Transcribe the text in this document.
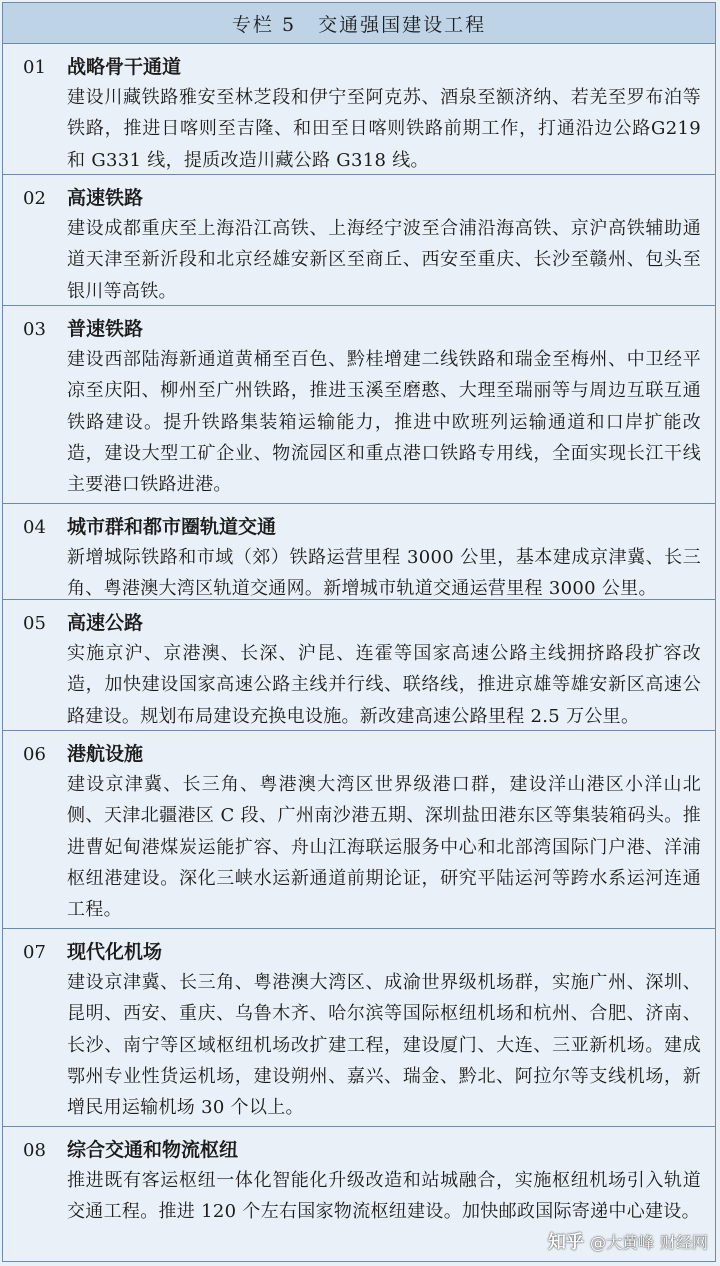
专栏 5 交通强国建设工程
01	战略骨干通道
建设川藏铁路雅安至林芝段和伊宁至阿克苏、酒泉至额济纳、若羌至罗布泊等铁路，推进日喀则至吉隆、和田至日喀则铁路前期工作，打通沿边公路G219 和 G331 线，提质改造川藏公路 G318 线。
02	高速铁路
建设成都重庆至上海沿江高铁、上海经宁波至合浦沿海高铁、京沪高铁辅助通道天津至新沂段和北京经雄安新区至商丘、西安至重庆、长沙至赣州、包头至银川等高铁。
03	普速铁路
建设西部陆海新通道黄桶至百色、黔桂增建二线铁路和瑞金至梅州、中卫经平凉至庆阳、柳州至广州铁路，推进玉溪至磨憨、大理至瑞丽等与周边互联互通铁路建设。提升铁路集装箱运输能力，推进中欧班列运输通道和口岸扩能改造，建设大型工矿企业、物流园区和重点港口铁路专用线，全面实现长江干线主要港口铁路进港。
04	城市群和都市圈轨道交通
新增城际铁路和市域（郊）铁路运营里程 3000 公里，基本建成京津冀、长三角、粤港澳大湾区轨道交通网。新增城市轨道交通运营里程 3000 公里。
05	高速公路
实施京沪、京港澳、长深、沪昆、连霍等国家高速公路主线拥挤路段扩容改造，加快建设国家高速公路主线并行线、联络线，推进京雄等雄安新区高速公路建设。规划布局建设充换电设施。新改建高速公路里程 2.5 万公里。
06	港航设施
建设京津冀、长三角、粤港澳大湾区世界级港口群，建设洋山港区小洋山北侧、天津北疆港区 C 段、广州南沙港五期、深圳盐田港东区等集装箱码头。推进曹妃甸港煤炭运能扩容、舟山江海联运服务中心和北部湾国际门户港、洋浦枢纽港建设。深化三峡水运新通道前期论证，研究平陆运河等跨水系运河连通工程。
07	现代化机场
建设京津冀、长三角、粤港澳大湾区、成渝世界级机场群，实施广州、深圳、昆明、西安、重庆、乌鲁木齐、哈尔滨等国际枢纽机场和杭州、合肥、济南、长沙、南宁等区域枢纽机场改扩建工程，建设厦门、大连、三亚新机场。建成鄂州专业性货运机场，建设朔州、嘉兴、瑞金、黔北、阿拉尔等支线机场，新增民用运输机场 30 个以上。
08	综合交通和物流枢纽
推进既有客运枢纽一体化智能化升级改造和站城融合，实施枢纽机场引入轨道交通工程。推进 120 个左右国家物流枢纽建设。加快邮政国际寄递中心建设。
知乎 @大黄峰 财经网
